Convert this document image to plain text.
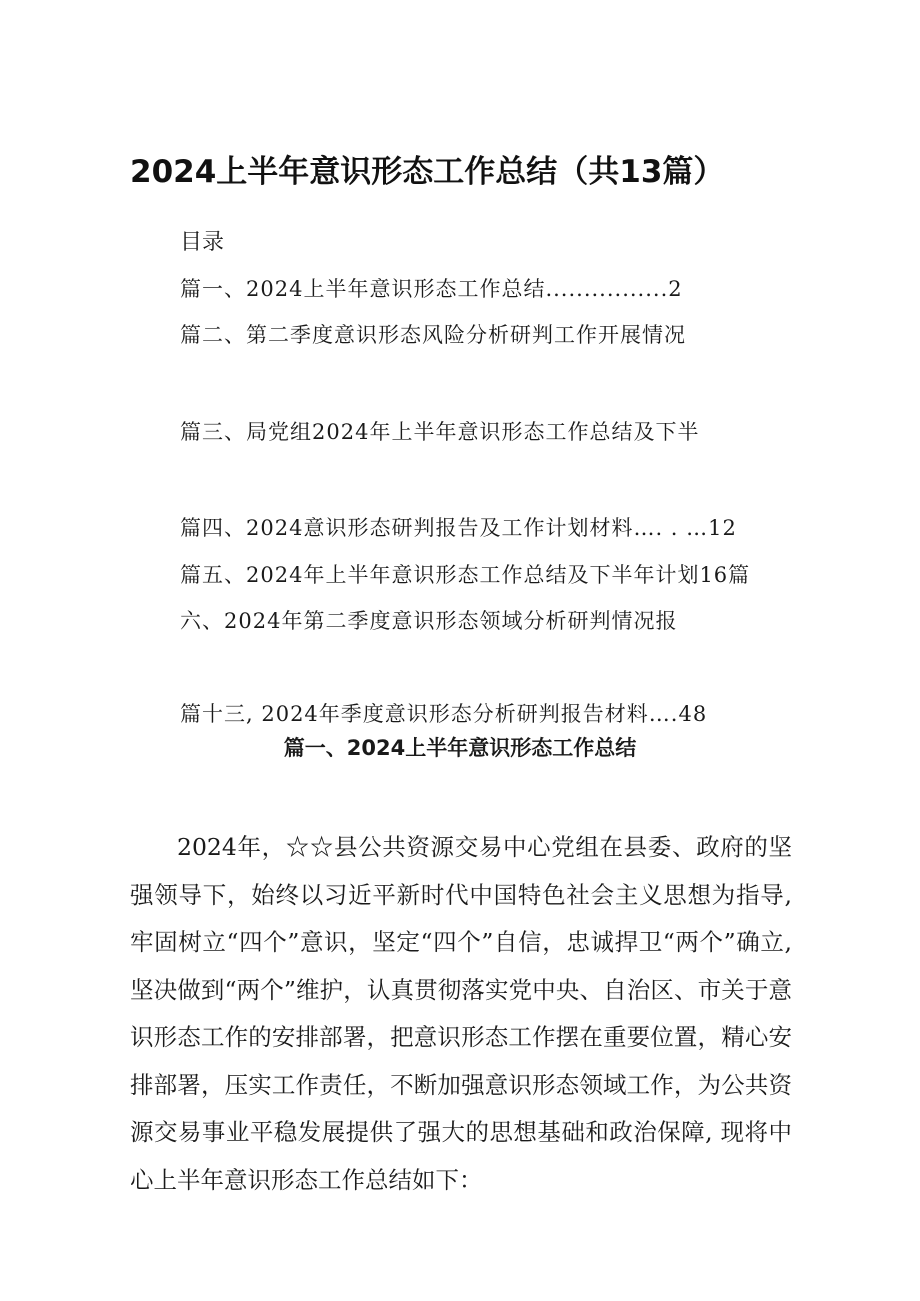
2024上半年意识形态工作总结（共13篇）
目录
篇一、2024上半年意识形态工作总结................2
篇二、第二季度意识形态风险分析研判工作开展情况
篇三、局党组2024年上半年意识形态工作总结及下半
篇四、2024意识形态研判报告及工作计划材料…. . …12
篇五、2024年上半年意识形态工作总结及下半年计划16篇
六、2024年第二季度意识形态领域分析研判情况报
篇十三, 2024年季度意识形态分析研判报告材料….48
篇一、2024上半年意识形态工作总结
2024年，☆☆县公共资源交易中心党组在县委、政府的坚强领导下，始终以习近平新时代中国特色社会主义思想为指导, 牢固树立“四个”意识，坚定“四个”自信，忠诚捍卫“两个”确立, 坚决做到“两个”维护，认真贯彻落实党中央、自治区、市关于意识形态工作的安排部署，把意识形态工作摆在重要位置，精心安排部署，压实工作责任，不断加强意识形态领域工作，为公共资源交易事业平稳发展提供了强大的思想基础和政治保障, 现将中心上半年意识形态工作总结如下：
